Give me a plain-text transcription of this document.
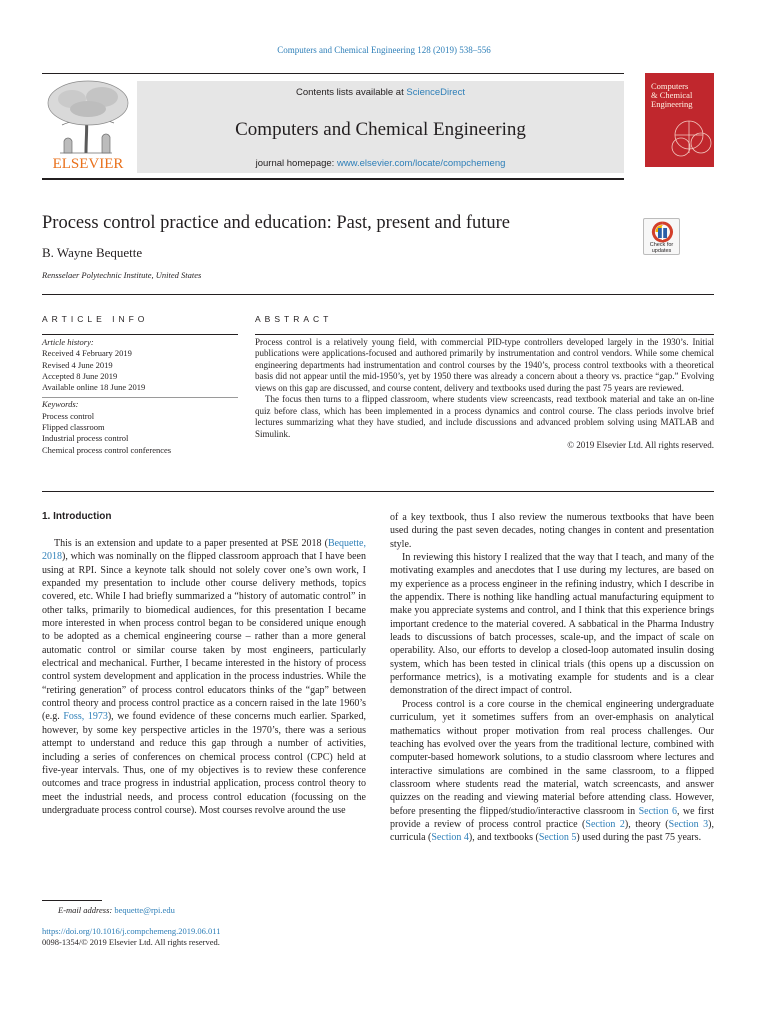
Computers and Chemical Engineering 128 (2019) 538–556
ELSEVIER
Contents lists available at ScienceDirect
Computers and Chemical Engineering
journal homepage: www.elsevier.com/locate/compchemeng
Computers
& Chemical
Engineering
Process control practice and education: Past, present and future
B. Wayne Bequette
Rensselaer Polytechnic Institute, United States
Check for
updates
ARTICLE INFO	ABSTRACT
Article history:
Received 4 February 2019
Revised 4 June 2019
Accepted 8 June 2019
Available online 18 June 2019
Keywords:
Process control
Flipped classroom
Industrial process control
Chemical process control conferences

Process control is a relatively young field, with commercial PID-type controllers developed largely in the 1930’s. Initial publications were applications-focused and authored primarily by instrumentation and control vendors. While some chemical engineering departments had instrumentation and control courses by the 1940’s, process control textbooks with a theoretical basis did not appear until the mid-1950’s, yet by 1950 there was already a concern about a theory vs. practice “gap.” Evolving views on this gap are discussed, and course content, delivery and textbooks used during the past 75 years are reviewed.

The focus then turns to a flipped classroom, where students view screencasts, read textbook material and take an on-line quiz before class, which has been implemented in a process dynamics and control course. The class periods involve brief lectures summarizing what they have studied, and include discussions and advanced problem solving using MATLAB and Simulink.

© 2019 Elsevier Ltd. All rights reserved.

1. Introduction

This is an extension and update to a paper presented at PSE 2018 (Bequette, 2018), which was nominally on the flipped classroom approach that I have been using at RPI. Since a keynote talk should not solely cover one’s own work, I expanded my presentation to include other course delivery methods, topics covered, etc. While I had briefly summarized a “history of automatic control” in other talks, primarily to biomedical audiences, for this presentation I became more interested in when process control began to be considered unique enough to be adopted as a chemical engineering course – rather than a more general automatic control or similar course taken by most engineers, particularly electrical and mechanical. Further, I became interested in the history of process control system development and application in the process industries. While the “retiring generation” of process control educators thinks of the “gap” between control theory and process control practice as a concern raised in the late 1960’s (e.g. Foss, 1973), we found evidence of these concerns much earlier. Sparked, however, by some key perspective articles in the 1970’s, there was a serious attempt to understand and reduce this gap through a number of activities, including a series of conferences on chemical process control (CPC) held at five-year intervals. Thus, one of my objectives is to review these conference outcomes and trace progress in industrial application, process control theory to meet the industrial needs, and process control education (focussing on the undergraduate process control course). Most courses revolve around the use

of a key textbook, thus I also review the numerous textbooks that have been used during the past seven decades, noting changes in content and presentation style.

In reviewing this history I realized that the way that I teach, and many of the motivating examples and anecdotes that I use during my lectures, are based on my experience as a process engineer in the refining industry, which I describe in the appendix. There is nothing like handling actual manufacturing equipment to make you appreciate systems and control, and I think that this experience brings important credence to the material covered. A sabbatical in the Pharma Industry leads to discussions of batch processes, scale-up, and the impact of scale on operability. Also, our efforts to develop a closed-loop automated insulin dosing system, which has been tested in clinical trials (this opens up a discussion on performance metrics), is a motivating example for students and is a clear demonstration of the direct impact of control.

Process control is a core course in the chemical engineering undergraduate curriculum, yet it sometimes suffers from an over-emphasis on analytical mathematics without proper motivation from real process challenges. Our teaching has evolved over the years from the traditional lecture, combined with computer-based homework solutions, to a studio classroom where lectures and interactive simulations are combined in the same classroom, to a flipped classroom where students read the material, watch screencasts, and answer quizzes on the reading and viewing material before attending class. However, before presenting the flipped/studio/interactive classroom in Section 6, we first provide a review of process control practice (Section 2), theory (Section 3), curricula (Section 4), and textbooks (Section 5) used during the past 75 years.

E-mail address: bequette@rpi.edu
https://doi.org/10.1016/j.compchemeng.2019.06.011
0098-1354/© 2019 Elsevier Ltd. All rights reserved.
